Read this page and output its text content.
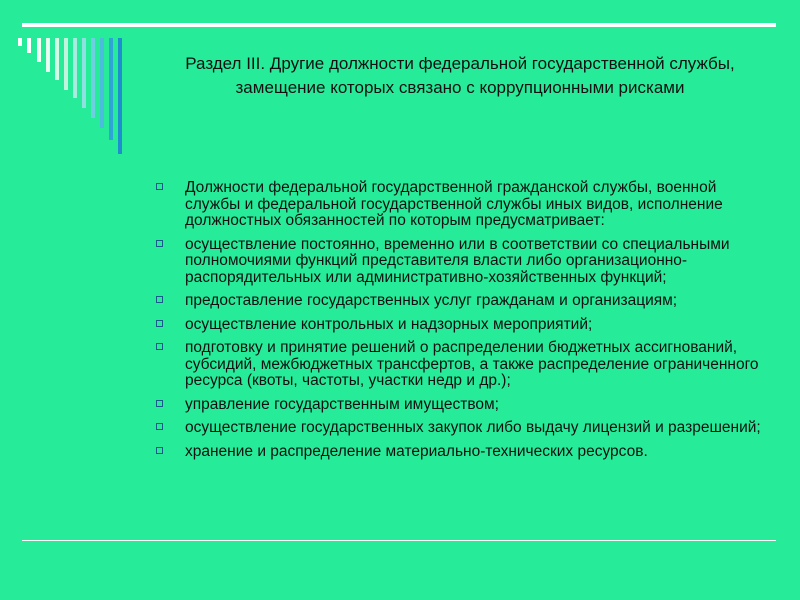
Раздел III. Другие должности федеральной государственной службы, замещение которых связано с коррупционными рисками
Должности федеральной государственной гражданской службы, военной службы и федеральной государственной службы иных видов, исполнение должностных обязанностей по которым предусматривает:
осуществление постоянно, временно или в соответствии со специальными полномочиями функций представителя власти либо организационно-распорядительных или административно-хозяйственных функций;
предоставление государственных услуг гражданам и организациям;
осуществление контрольных и надзорных мероприятий;
подготовку и принятие решений о распределении бюджетных ассигнований, субсидий, межбюджетных трансфертов, а также распределение ограниченного ресурса (квоты, частоты, участки недр и др.);
управление государственным имуществом;
осуществление государственных закупок либо выдачу лицензий и разрешений;
хранение и распределение материально-технических ресурсов.
